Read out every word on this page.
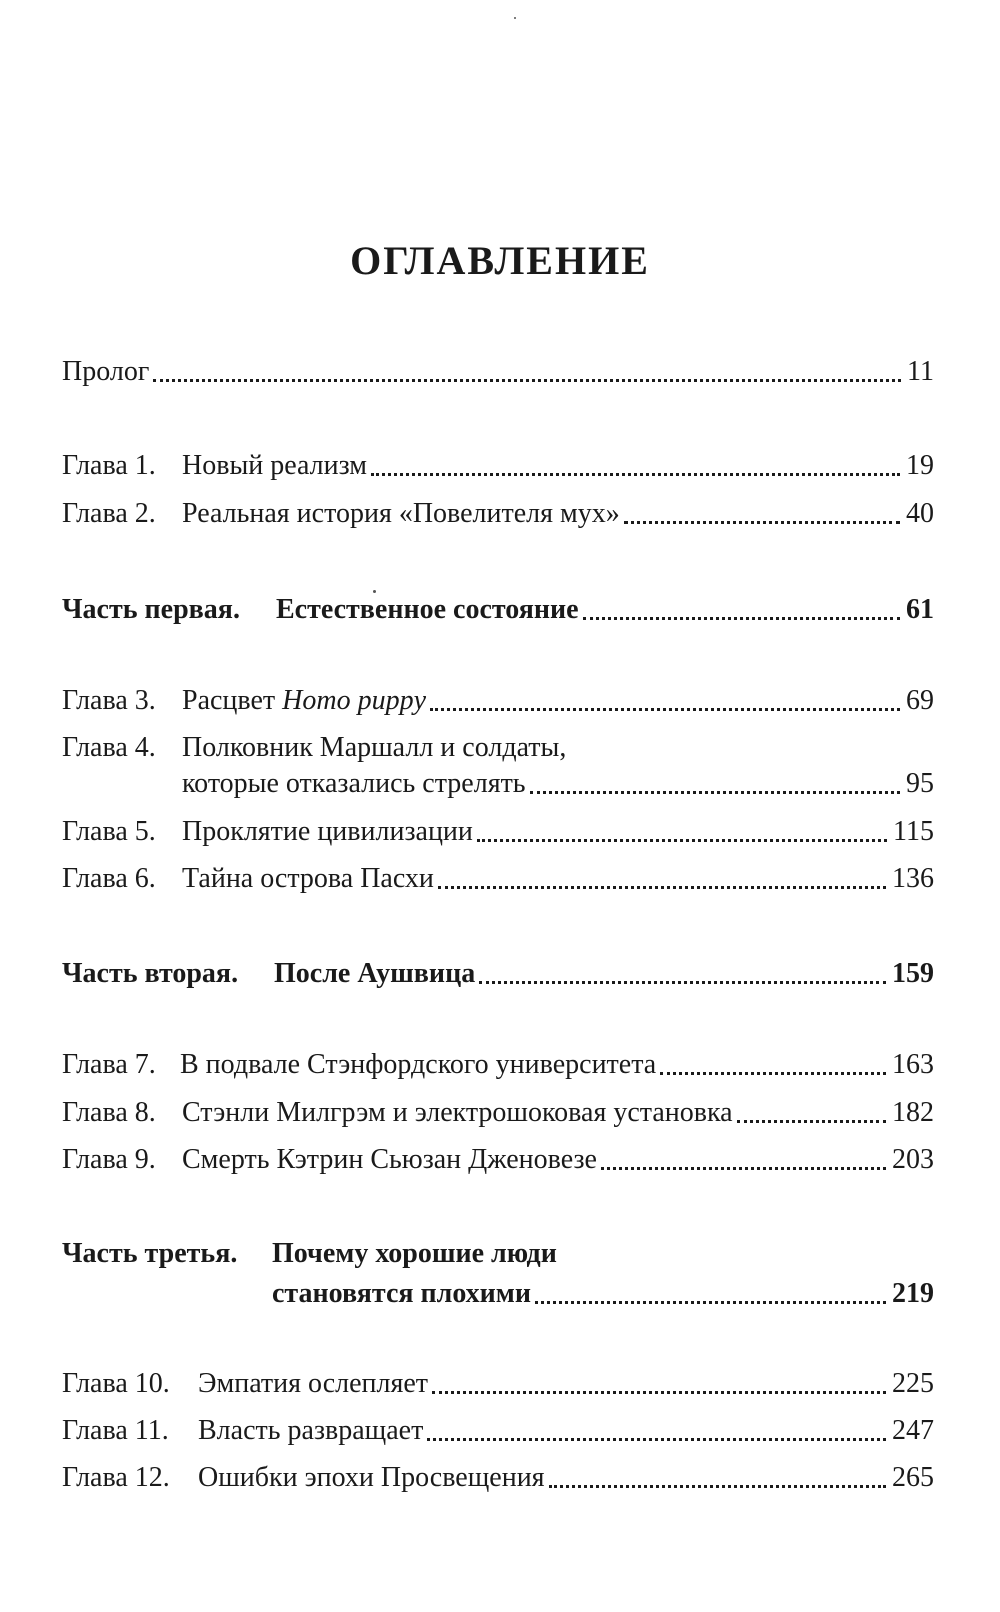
ОГЛАВЛЕНИЕ
Пролог	11
Глава 1. Новый реализм	19
Глава 2. Реальная история «Повелителя мух»	40
Часть первая.	Естественное состояние	61
Глава 3. Расцвет Homo puppy	69
Глава 4. Полковник Маршалл и солдаты,
которые отказались стрелять	95
Глава 5. Проклятие цивилизации	115
Глава 6. Тайна острова Пасхи	136
Часть вторая.	После Аушвица	159
Глава 7. В подвале Стэнфордского университета	163
Глава 8. Стэнли Милгрэм и электрошоковая установка	182
Глава 9. Смерть Кэтрин Сьюзан Дженовезе	203
Часть третья. Почему хорошие люди
становятся плохими	219
Глава 10.	Эмпатия ослепляет	225
Глава 11.	Власть развращает	247
Глава 12.	Ошибки эпохи Просвещения	265
